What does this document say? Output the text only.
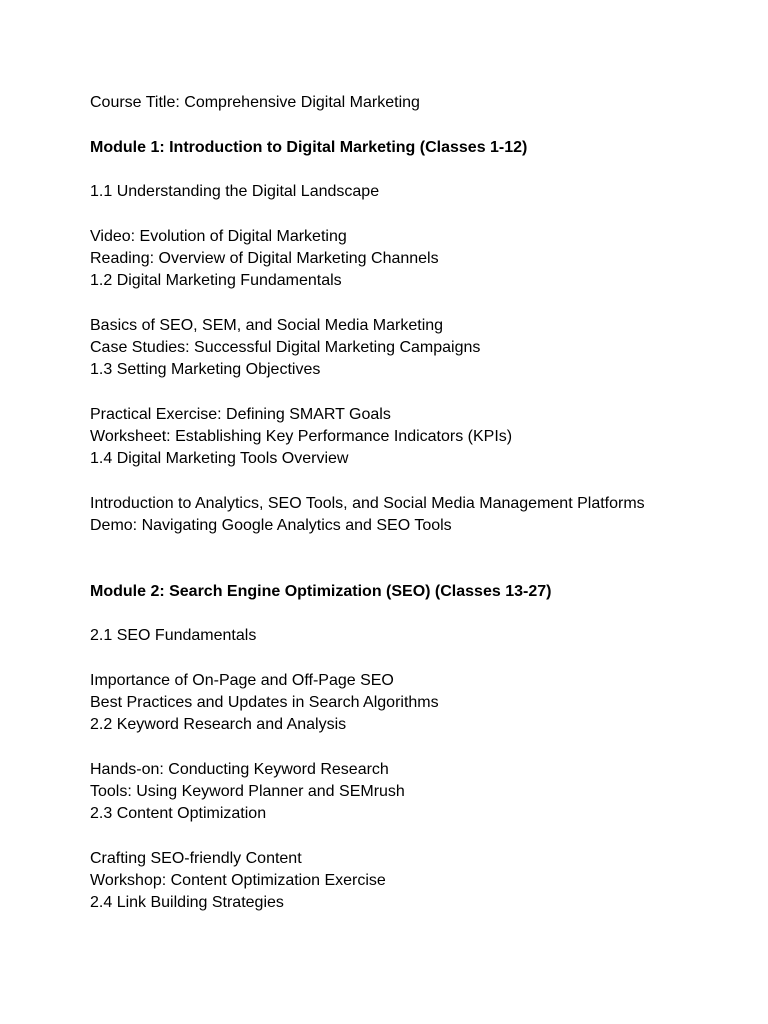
Course Title: Comprehensive Digital Marketing
Module 1: Introduction to Digital Marketing (Classes 1-12)
1.1 Understanding the Digital Landscape
Video: Evolution of Digital Marketing
Reading: Overview of Digital Marketing Channels
1.2 Digital Marketing Fundamentals
Basics of SEO, SEM, and Social Media Marketing
Case Studies: Successful Digital Marketing Campaigns
1.3 Setting Marketing Objectives
Practical Exercise: Defining SMART Goals
Worksheet: Establishing Key Performance Indicators (KPIs)
1.4 Digital Marketing Tools Overview
Introduction to Analytics, SEO Tools, and Social Media Management Platforms
Demo: Navigating Google Analytics and SEO Tools
Module 2: Search Engine Optimization (SEO) (Classes 13-27)
2.1 SEO Fundamentals
Importance of On-Page and Off-Page SEO
Best Practices and Updates in Search Algorithms
2.2 Keyword Research and Analysis
Hands-on: Conducting Keyword Research
Tools: Using Keyword Planner and SEMrush
2.3 Content Optimization
Crafting SEO-friendly Content
Workshop: Content Optimization Exercise
2.4 Link Building Strategies
